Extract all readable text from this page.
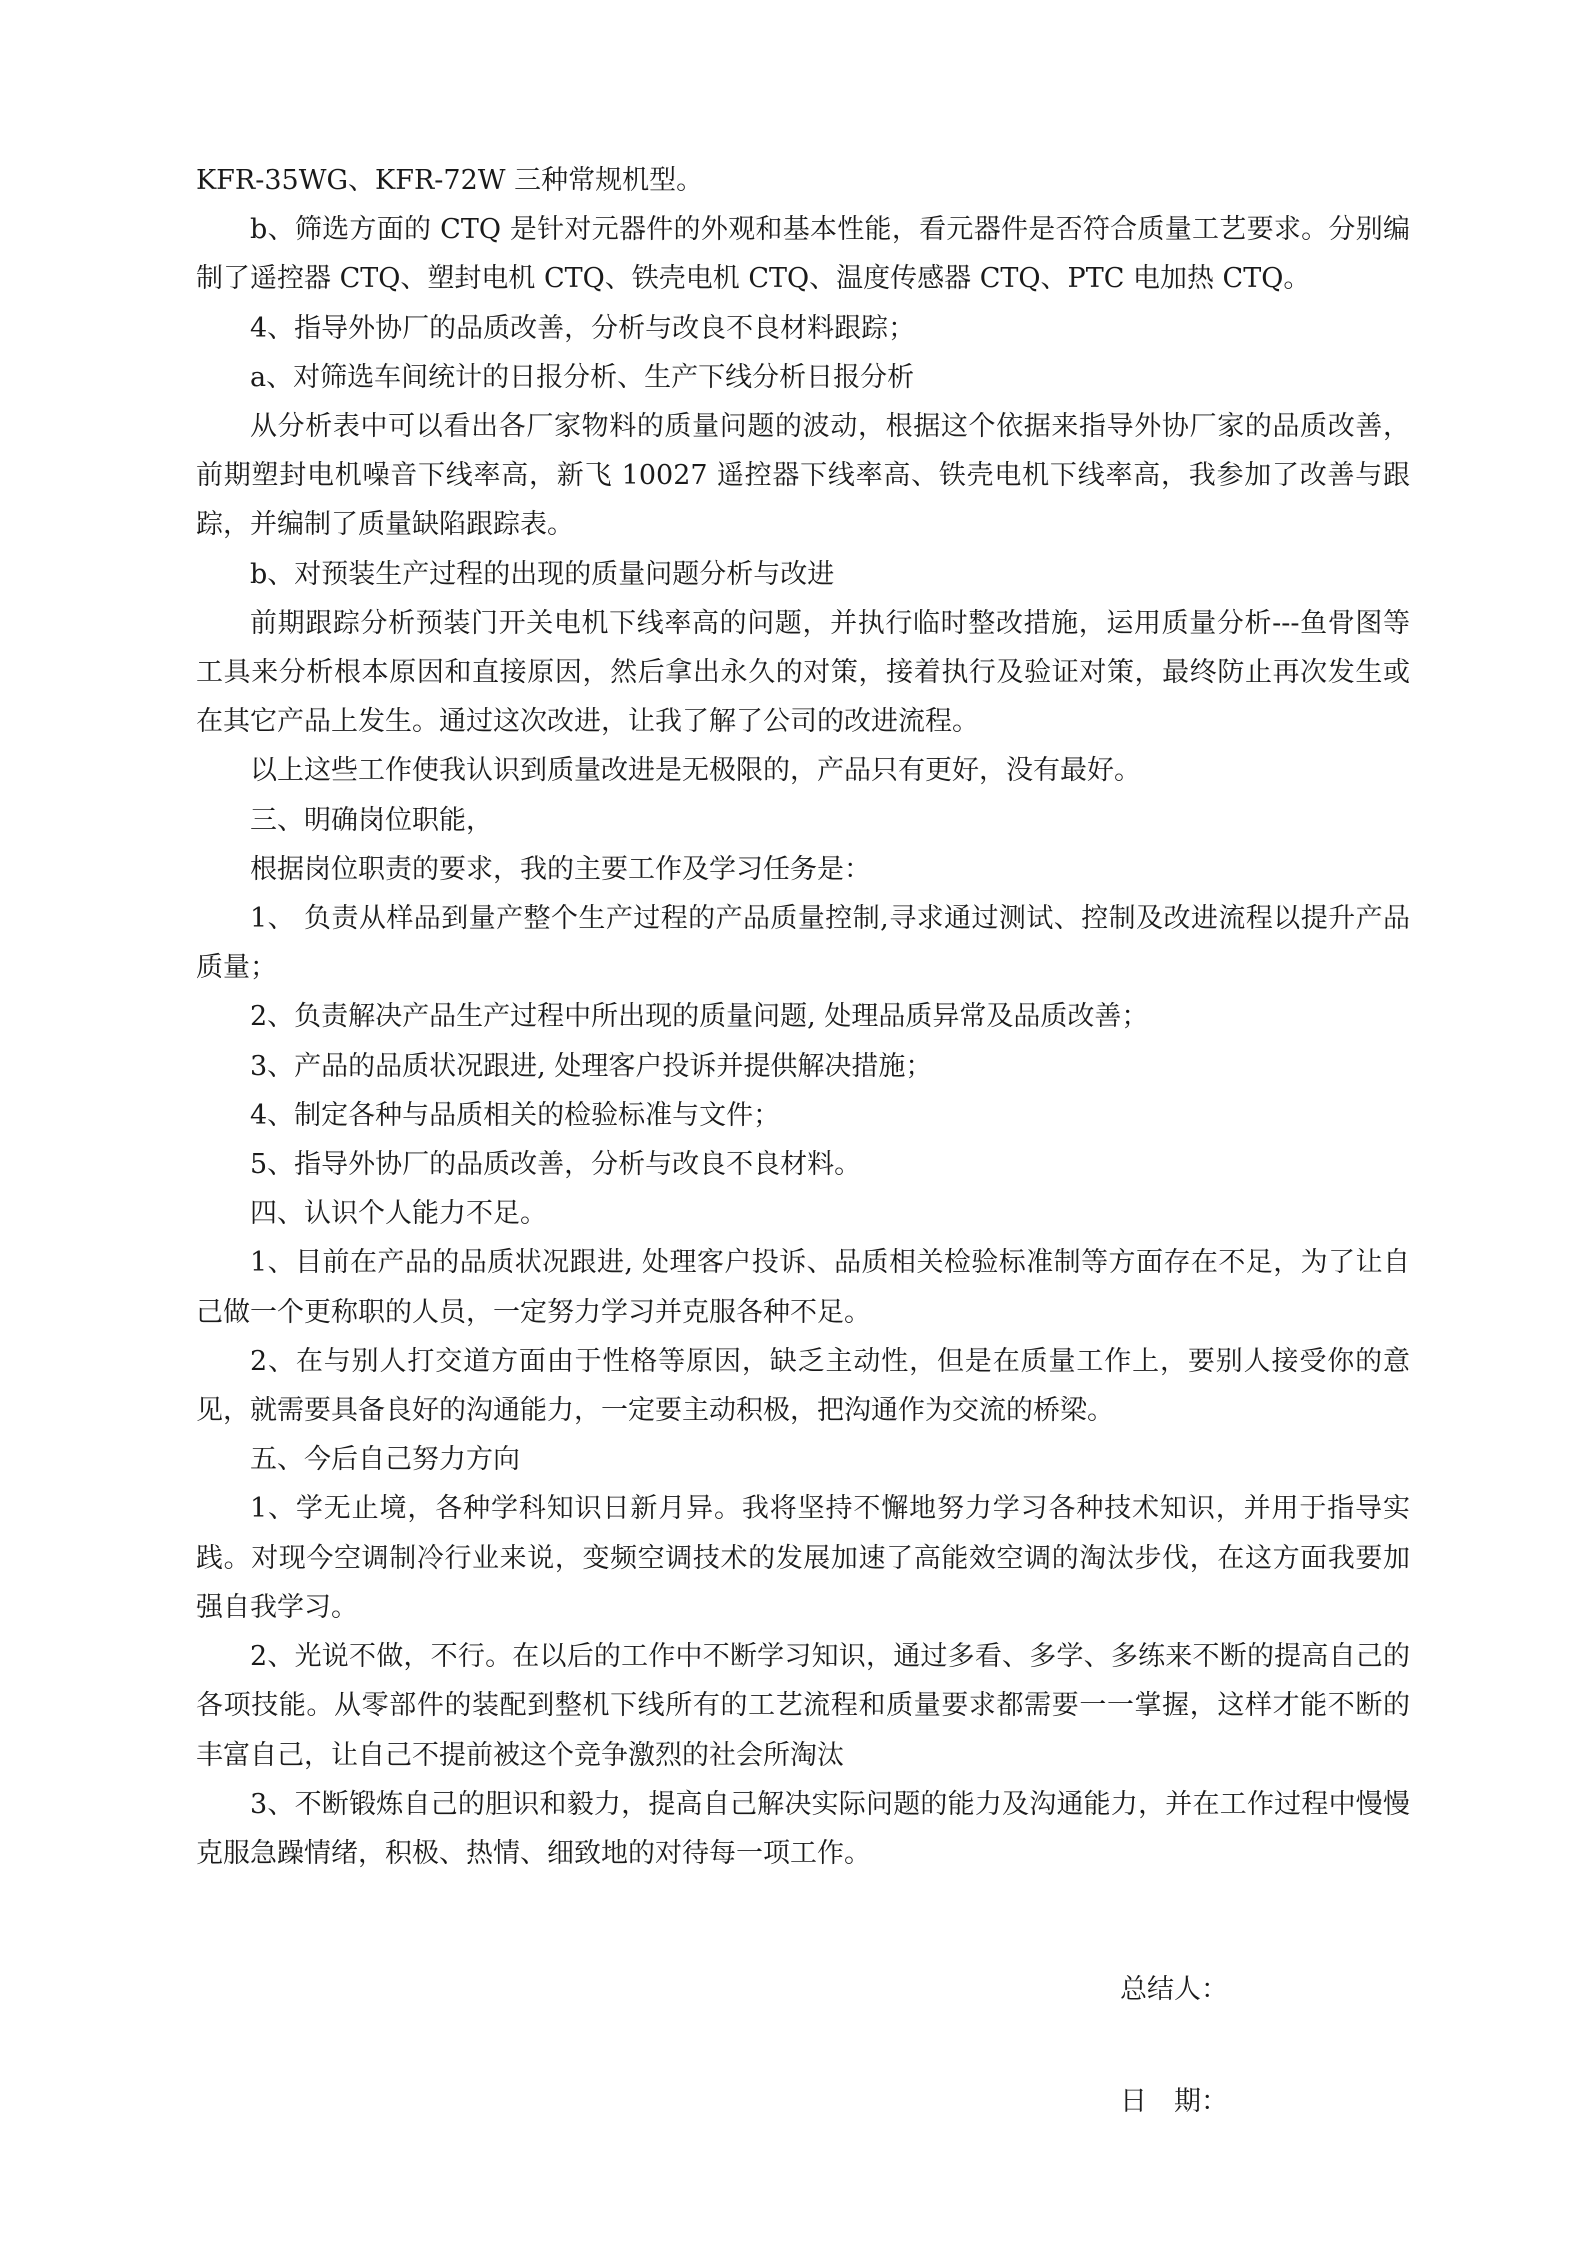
KFR-35WG、KFR-72W 三种常规机型。

b、筛选方面的 CTQ 是针对元器件的外观和基本性能，看元器件是否符合质量工艺要求。分别编制了遥控器 CTQ、塑封电机 CTQ、铁壳电机 CTQ、温度传感器 CTQ、PTC 电加热 CTQ。

4、指导外协厂的品质改善，分析与改良不良材料跟踪；

a、对筛选车间统计的日报分析、生产下线分析日报分析

从分析表中可以看出各厂家物料的质量问题的波动，根据这个依据来指导外协厂家的品质改善，前期塑封电机噪音下线率高，新飞 10027 遥控器下线率高、铁壳电机下线率高，我参加了改善与跟踪，并编制了质量缺陷跟踪表。

b、对预装生产过程的出现的质量问题分析与改进

前期跟踪分析预装门开关电机下线率高的问题，并执行临时整改措施，运用质量分析---鱼骨图等工具来分析根本原因和直接原因，然后拿出永久的对策，接着执行及验证对策，最终防止再次发生或在其它产品上发生。通过这次改进，让我了解了公司的改进流程。

以上这些工作使我认识到质量改进是无极限的，产品只有更好，没有最好。

三、明确岗位职能，

根据岗位职责的要求，我的主要工作及学习任务是：

1、 负责从样品到量产整个生产过程的产品质量控制,寻求通过测试、控制及改进流程以提升产品质量；

2、负责解决产品生产过程中所出现的质量问题, 处理品质异常及品质改善；

3、产品的品质状况跟进, 处理客户投诉并提供解决措施；

4、制定各种与品质相关的检验标准与文件；

5、指导外协厂的品质改善，分析与改良不良材料。

四、认识个人能力不足。

1、目前在产品的品质状况跟进, 处理客户投诉、品质相关检验标准制等方面存在不足，为了让自己做一个更称职的人员，一定努力学习并克服各种不足。

2、在与别人打交道方面由于性格等原因，缺乏主动性，但是在质量工作上，要别人接受你的意见，就需要具备良好的沟通能力，一定要主动积极，把沟通作为交流的桥梁。

五、今后自己努力方向

1、学无止境，各种学科知识日新月异。我将坚持不懈地努力学习各种技术知识，并用于指导实践。对现今空调制冷行业来说，变频空调技术的发展加速了高能效空调的淘汰步伐，在这方面我要加强自我学习。

2、光说不做，不行。在以后的工作中不断学习知识，通过多看、多学、多练来不断的提高自己的各项技能。从零部件的装配到整机下线所有的工艺流程和质量要求都需要一一掌握，这样才能不断的丰富自己，让自己不提前被这个竞争激烈的社会所淘汰

3、不断锻炼自己的胆识和毅力，提高自己解决实际问题的能力及沟通能力，并在工作过程中慢慢克服急躁情绪，积极、热情、细致地的对待每一项工作。

总结人：
日　期：
